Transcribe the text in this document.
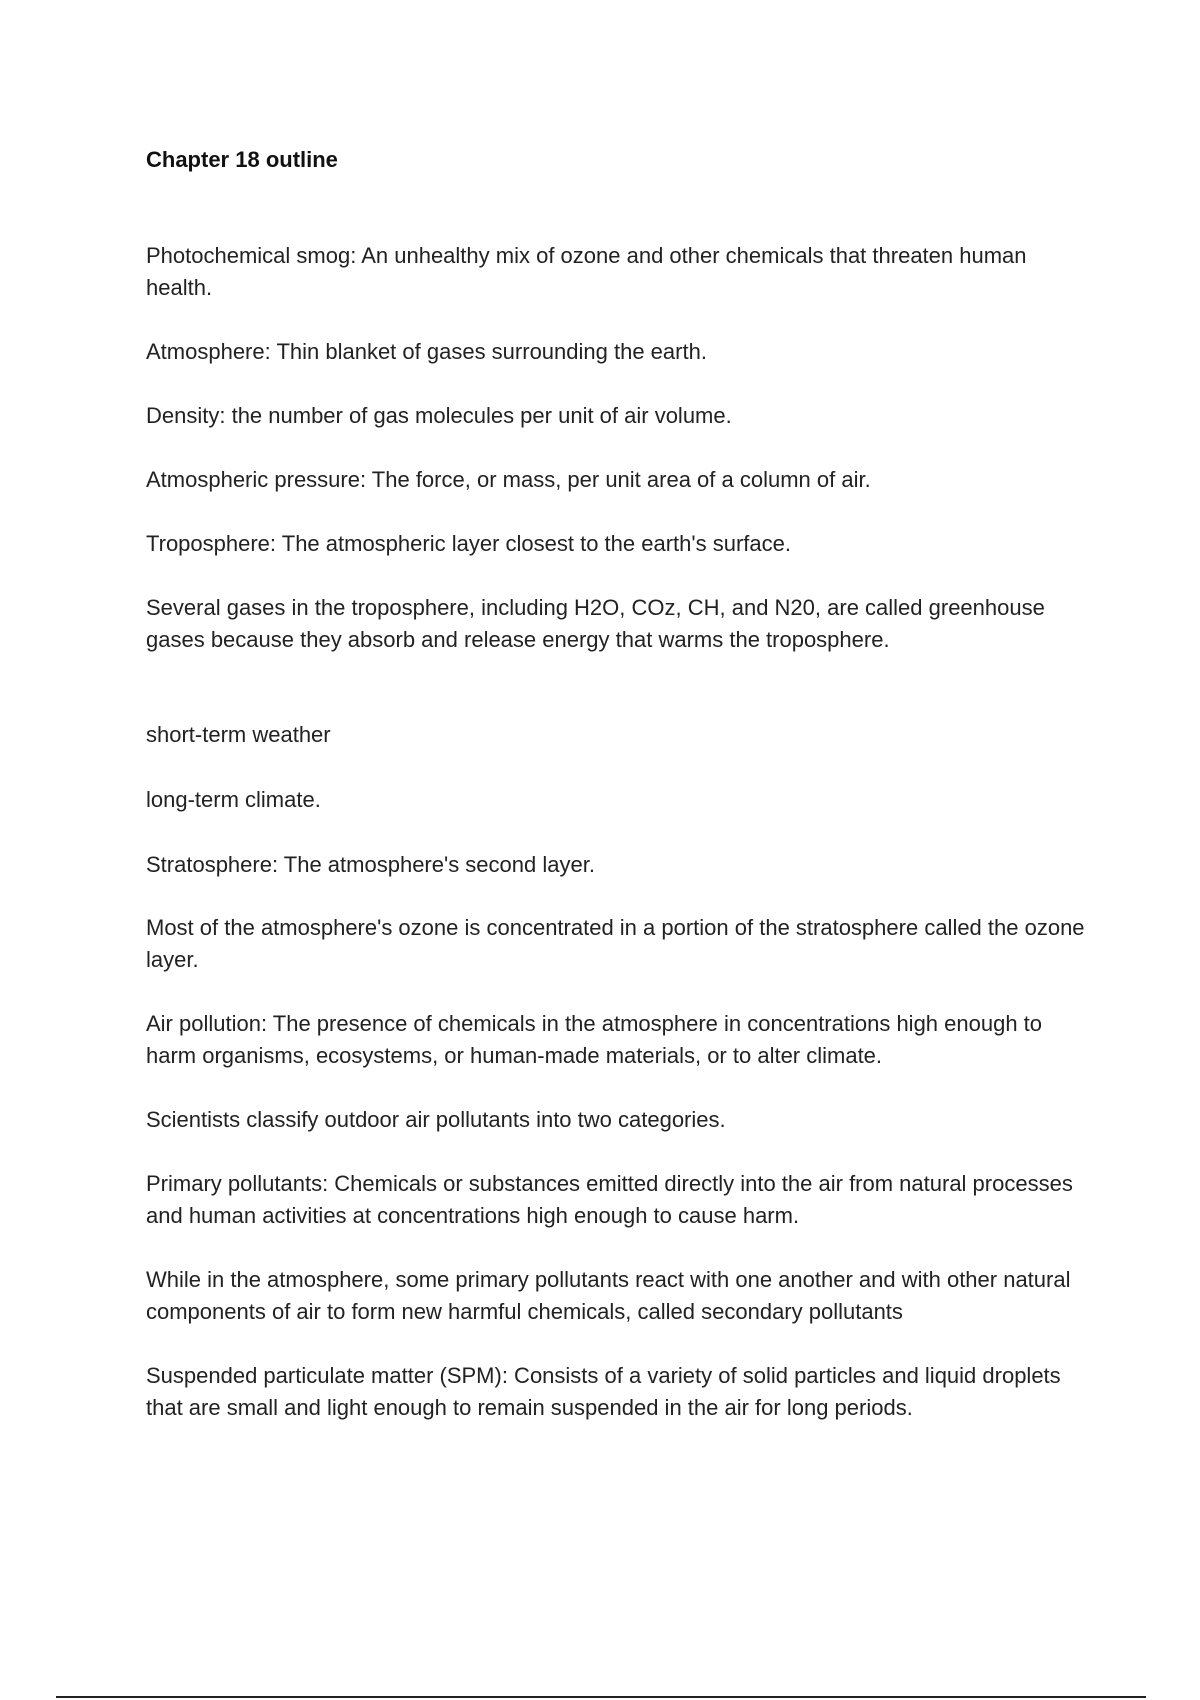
Chapter 18 outline

Photochemical smog: An unhealthy mix of ozone and other chemicals that threaten human health.

Atmosphere: Thin blanket of gases surrounding the earth.

Density: the number of gas molecules per unit of air volume.

Atmospheric pressure: The force, or mass, per unit area of a column of air.

Troposphere: The atmospheric layer closest to the earth's surface.

Several gases in the troposphere, including H2O, COz, CH, and N20, are called greenhouse gases because they absorb and release energy that warms the troposphere.

short-term weather

long-term climate.

Stratosphere: The atmosphere's second layer.

Most of the atmosphere's ozone is concentrated in a portion of the stratosphere called the ozone layer.

Air pollution: The presence of chemicals in the atmosphere in concentrations high enough to harm organisms, ecosystems, or human-made materials, or to alter climate.

Scientists classify outdoor air pollutants into two categories.

Primary pollutants: Chemicals or substances emitted directly into the air from natural processes and human activities at concentrations high enough to cause harm.

While in the atmosphere, some primary pollutants react with one another and with other natural components of air to form new harmful chemicals, called secondary pollutants

Suspended particulate matter (SPM): Consists of a variety of solid particles and liquid droplets that are small and light enough to remain suspended in the air for long periods.
